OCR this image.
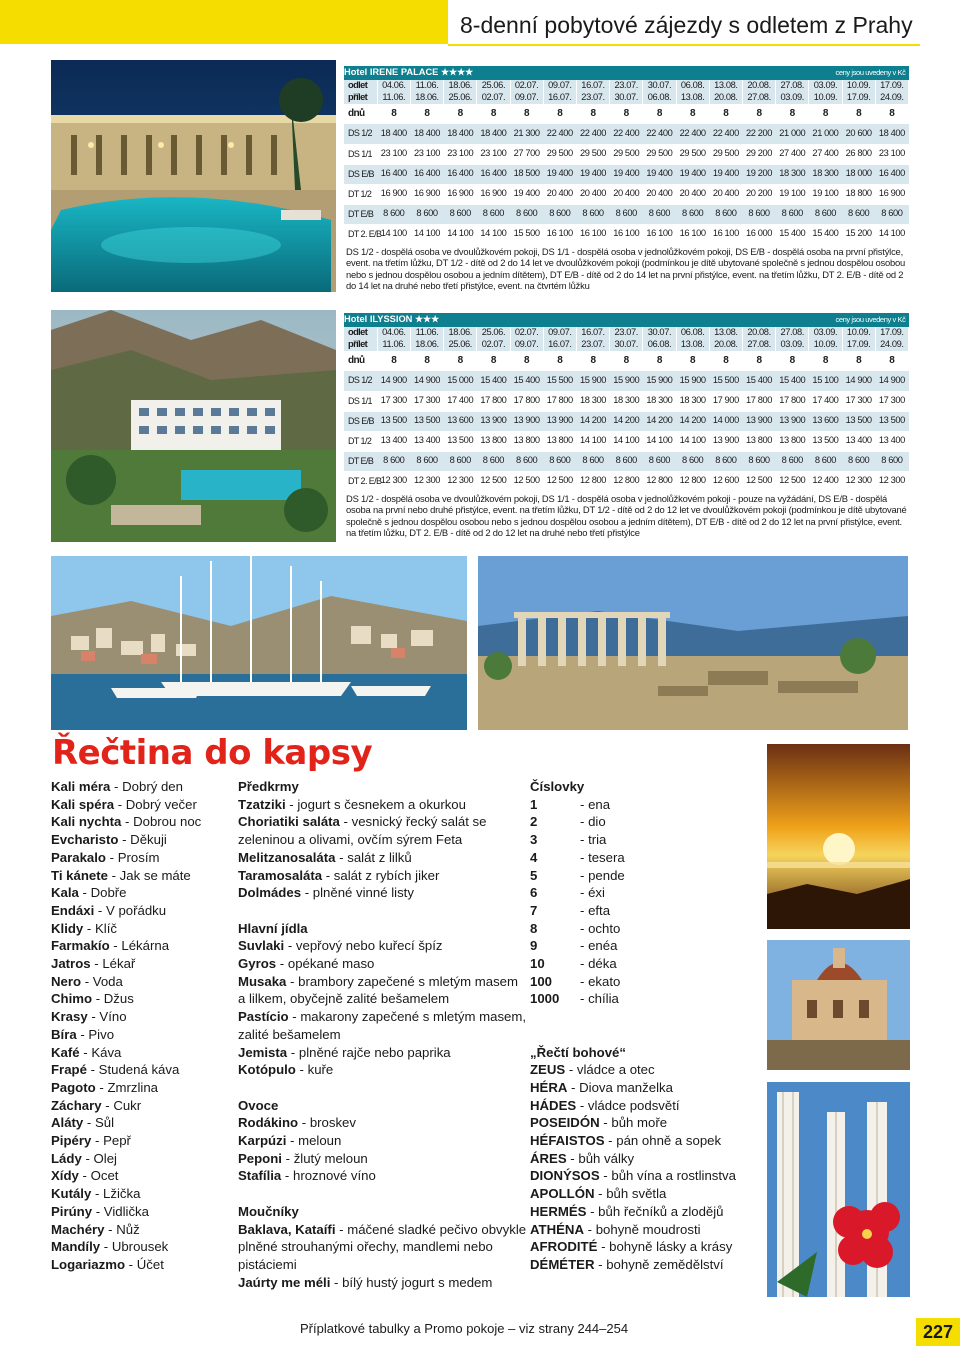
8-denní pobytové zájezdy s odletem z Prahy
Hotel IRENE PALACE ★★★★									ceny jsou uvedeny v Kč							
odlet	04.06.	11.06.	18.06.	25.06.	02.07.	09.07.	16.07.	23.07.	30.07.	06.08.	13.08.	20.08.	27.08.	03.09.	10.09.	17.09.
přílet	11.06.	18.06.	25.06.	02.07.	09.07.	16.07.	23.07.	30.07.	06.08.	13.08.	20.08.	27.08.	03.09.	10.09.	17.09.	24.09.
dnů	8	8	8	8	8	8	8	8	8	8	8	8	8	8	8	8
DS 1/2	18 400	18 400	18 400	18 400	21 300	22 400	22 400	22 400	22 400	22 400	22 400	22 200	21 000	21 000	20 600	18 400
DS 1/1	23 100	23 100	23 100	23 100	27 700	29 500	29 500	29 500	29 500	29 500	29 500	29 200	27 400	27 400	26 800	23 100
DS E/B	16 400	16 400	16 400	16 400	18 500	19 400	19 400	19 400	19 400	19 400	19 400	19 200	18 300	18 300	18 000	16 400
DT 1/2	16 900	16 900	16 900	16 900	19 400	20 400	20 400	20 400	20 400	20 400	20 400	20 200	19 100	19 100	18 800	16 900
DT E/B	8 600	8 600	8 600	8 600	8 600	8 600	8 600	8 600	8 600	8 600	8 600	8 600	8 600	8 600	8 600	8 600
DT 2. E/B	14 100	14 100	14 100	14 100	15 500	16 100	16 100	16 100	16 100	16 100	16 100	16 000	15 400	15 400	15 200	14 100
DS 1/2 - dospělá osoba ve dvoulůžkovém pokoji, DS 1/1 - dospělá osoba v jednolůžkovém pokoji, DS E/B - dospělá osoba na první přistýlce, event. na třetím lůžku, DT 1/2 - dítě od 2 do 14 let ve dvoulůžkovém pokoji (podmínkou je dítě ubytované společně s jednou dospělou osobou nebo s jednou dospělou osobou a jedním dítětem), DT E/B - dítě od 2 do 14 let na první přistýlce, event. na třetím lůžku, DT 2. E/B - dítě od 2 do 14 let na druhé nebo třetí přistýlce, event. na čtvrtém lůžku
Hotel ILYSSION ★★★									ceny jsou uvedeny v Kč							
odlet	04.06.	11.06.	18.06.	25.06.	02.07.	09.07.	16.07.	23.07.	30.07.	06.08.	13.08.	20.08.	27.08.	03.09.	10.09.	17.09.
přílet	11.06.	18.06.	25.06.	02.07.	09.07.	16.07.	23.07.	30.07.	06.08.	13.08.	20.08.	27.08.	03.09.	10.09.	17.09.	24.09.
dnů	8	8	8	8	8	8	8	8	8	8	8	8	8	8	8	8
DS 1/2	14 900	14 900	15 000	15 400	15 400	15 500	15 900	15 900	15 900	15 900	15 500	15 400	15 400	15 100	14 900	14 900
DS 1/1	17 300	17 300	17 400	17 800	17 800	17 800	18 300	18 300	18 300	18 300	17 900	17 800	17 800	17 400	17 300	17 300
DS E/B	13 500	13 500	13 600	13 900	13 900	13 900	14 200	14 200	14 200	14 200	14 000	13 900	13 900	13 600	13 500	13 500
DT 1/2	13 400	13 400	13 500	13 800	13 800	13 800	14 100	14 100	14 100	14 100	13 900	13 800	13 800	13 500	13 400	13 400
DT E/B	8 600	8 600	8 600	8 600	8 600	8 600	8 600	8 600	8 600	8 600	8 600	8 600	8 600	8 600	8 600	8 600
DT 2. E/B	12 300	12 300	12 300	12 500	12 500	12 500	12 800	12 800	12 800	12 800	12 600	12 500	12 500	12 400	12 300	12 300
DS 1/2 - dospělá osoba ve dvoulůžkovém pokoji, DS 1/1 - dospělá osoba v jednolůžkovém pokoji - pouze na vyžádání, DS E/B - dospělá osoba na první nebo druhé přistýlce, event. na třetím lůžku, DT 1/2 - dítě od 2 do 12 let ve dvoulůžkovém pokoji (podmínkou je dítě ubytované společně s jednou dospělou osobou nebo s jednou dospělou osobou a jedním dítětem), DT E/B - dítě od 2 do 12 let na první přistýlce, event. na třetím lůžku, DT 2. E/B - dítě od 2 do 12 let na druhé nebo třetí přistýlce
Řečtina do kapsy
Kali méra - Dobrý den
Kali spéra - Dobrý večer
Kali nychta - Dobrou noc
Evcharisto - Děkuji
Parakalo - Prosím
Ti kánete - Jak se máte
Kala - Dobře
Endáxi - V pořádku
Klidy - Klíč
Farmakío - Lékárna
Jatros - Lékař
Nero - Voda
Chimo - Džus
Krasy - Víno
Bíra - Pivo
Kafé - Káva
Frapé - Studená káva
Pagoto - Zmrzlina
Záchary - Cukr
Aláty - Sůl
Pipéry - Pepř
Lády - Olej
Xídy - Ocet
Kutály - Lžička
Pirúny - Vidlička
Machéry - Nůž
Mandíly - Ubrousek
Logariazmo - Účet
Předkrmy
Tzatziki - jogurt s česnekem a okurkou
Choriatiki saláta - vesnický řecký salát se zeleninou a olivami, ovčím sýrem Feta
Melitzanosaláta - salát z lilků
Taramosaláta - salát z rybích jiker
Dolmádes - plněné vinné listy
Hlavní jídla
Suvlaki - vepřový nebo kuřecí špíz
Gyros - opékané maso
Musaka - brambory zapečené s mletým masem a lilkem, obyčejně zalité bešamelem
Pastício - makarony zapečené s mletým masem, zalité bešamelem
Jemista - plněné rajče nebo paprika
Kotópulo - kuře
Ovoce
Rodákino - broskev
Karpúzi - meloun
Peponi - žlutý meloun
Stafília - hroznové víno
Moučníky
Baklava, Kataífi - máčené sladké pečivo obvykle plněné strouhanými ořechy, mandlemi nebo pistáciemi
Jaúrty me méli - bílý hustý jogurt s medem
Číslovky
1	- ena
2	- dio
3	- tria
4	- tesera
5	- pende
6	- éxi
7	- efta
8	- ochto
9	- enéa
10	- déka
100 - ekato
1000 - chília
„Řečtí bohové“
ZEUS - vládce a otec
HÉRA - Diova manželka
HÁDES - vládce podsvětí
POSEIDÓN - bůh moře
HÉFAISTOS - pán ohně a sopek
ÁRES - bůh války
DIONÝSOS - bůh vína a rostlinstva
APOLLÓN - bůh světla
HERMÉS - bůh řečníků a zlodějů
ATHÉNA - bohyně moudrosti
AFRODITÉ - bohyně lásky a krásy
DÉMÉTER - bohyně zemědělství
Příplatkové tabulky a Promo pokoje – viz strany 244–254	227
